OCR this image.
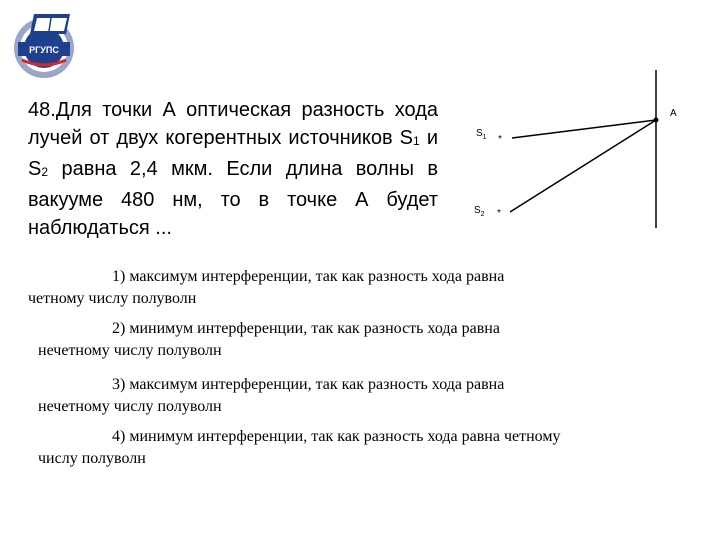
РГУПС
48.Для точки А оптическая разность хода лучей от двух когерентных источников $S_1$ и $S_2$ равна 2,4 мкм. Если длина волны в вакууме 480 нм, то в точке А будет наблюдаться ...
A
$S_1$ *
$S_2$ *
1) максимум интерференции, так как разность хода равна
четному числу полуволн
2) минимум интерференции, так как разность хода равна
нечетному числу полуволн
3) максимум интерференции, так как разность хода равна
нечетному числу полуволн
4) минимум интерференции, так как разность хода равна четному
числу полуволн
